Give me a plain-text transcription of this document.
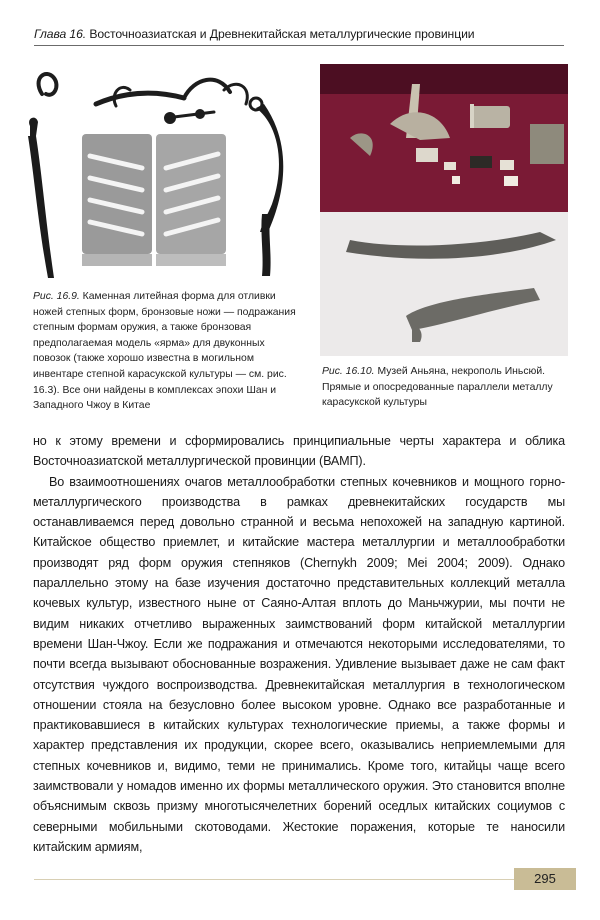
Глава 16. Восточноазиатская и Древнекитайская металлургические провинции
Рис. 16.9. Каменная литейная форма для отливки ножей степных форм, бронзовые ножи — подражания степным формам оружия, а также бронзовая предполагаемая модель «ярма» для двуконных повозок (также хорошо известна в могильном инвентаре степной карасукской культуры — см. рис. 16.3). Все они найдены в комплексах эпохи Шан и Западного Чжоу в Китае
Рис. 16.10. Музей Аньяна, некрополь Иньсюй. Прямые и опосредованные параллели металлу карасукской культуры

но к этому времени и сформировались принципиальные черты характера и облика Восточноазиатской металлургической провинции (ВАМП).

Во взаимоотношениях очагов металлообработки степных кочевников и мощного горно-металлургического производства в рамках древнекитайских государств мы останавливаемся перед довольно странной и весьма непохожей на западную картиной. Китайское общество приемлет, и китайские мастера металлургии и металлообработки производят ряд форм оружия степняков (Chernykh 2009; Mei 2004; 2009). Однако параллельно этому на базе изучения достаточно представительных коллекций металла кочевых культур, известного ныне от Саяно-Алтая вплоть до Маньчжурии, мы почти не видим никаких отчетливо выраженных заимствований форм китайской металлургии времени Шан-Чжоу. Если же подражания и отмечаются некоторыми исследователями, то почти всегда вызывают обоснованные возражения. Удивление вызывает даже не сам факт отсутствия чуждого воспроизводства. Древнекитайская металлургия в технологическом отношении стояла на безусловно более высоком уровне. Однако все разработанные и практиковавшиеся в китайских культурах технологические приемы, а также формы и характер представления их продукции, скорее всего, оказывались неприемлемыми для степных кочевников и, видимо, теми не принимались. Кроме того, китайцы чаще всего заимствовали у номадов именно их формы металлического оружия. Это становится вполне объяснимым сквозь призму многотысячелетних борений оседлых китайских социумов с северными мобильными скотоводами. Жестокие поражения, которые те наносили китайским армиям,

295
